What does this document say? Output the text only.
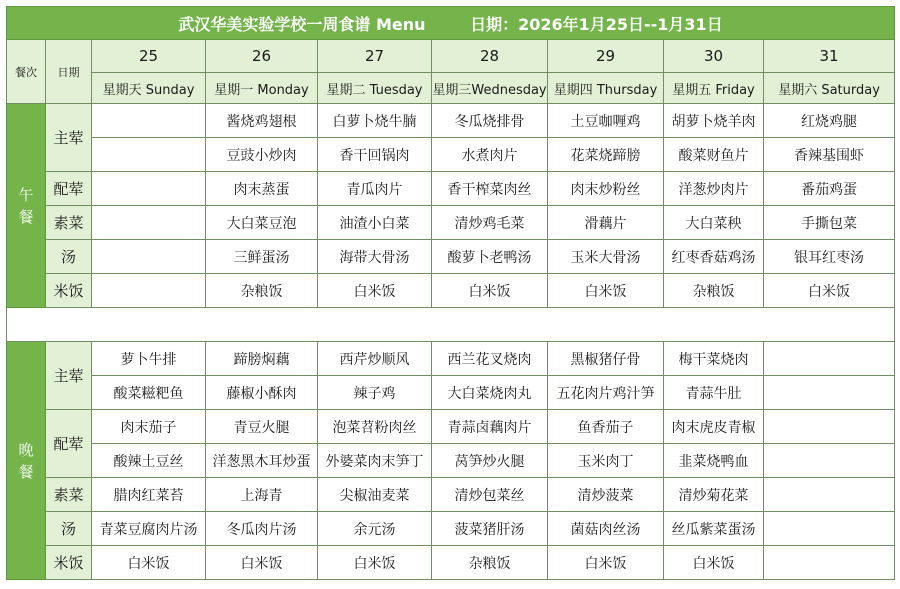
武汉华美实验学校一周食谱 Menu        日期：2026年1月25日--1月31日								
餐次	日期	25	26	27	28	29	30	31
		星期天 Sunday	星期一 Monday	星期二 Tuesday	星期三Wednesday	星期四 Thursday	星期五 Friday	星期六 Saturday
午
餐	主荤		酱烧鸡翅根	白萝卜烧牛腩	冬瓜烧排骨	土豆咖喱鸡	胡萝卜烧羊肉	红烧鸡腿
			豆豉小炒肉	香干回锅肉	水煮肉片	花菜烧蹄膀	酸菜财鱼片	香辣基围虾
	配荤		肉末蒸蛋	青瓜肉片	香干榨菜肉丝	肉末炒粉丝	洋葱炒肉片	番茄鸡蛋
	素菜		大白菜豆泡	油渣小白菜	清炒鸡毛菜	滑藕片	大白菜秧	手撕包菜
	汤		三鲜蛋汤	海带大骨汤	酸萝卜老鸭汤	玉米大骨汤	红枣香菇鸡汤	银耳红枣汤
	米饭		杂粮饭	白米饭	白米饭	白米饭	杂粮饭	白米饭

晚
餐	主荤	萝卜牛排	蹄膀焖藕	西芹炒顺风	西兰花叉烧肉	黑椒猪仔骨	梅干菜烧肉	
		酸菜糍粑鱼	藤椒小酥肉	辣子鸡	大白菜烧肉丸	五花肉片鸡汁笋	青蒜牛肚	
	配荤	肉末茄子	青豆火腿	泡菜苕粉肉丝	青蒜卤藕肉片	鱼香茄子	肉末虎皮青椒	
		酸辣土豆丝	洋葱黑木耳炒蛋	外婆菜肉末笋丁	莴笋炒火腿	玉米肉丁	韭菜烧鸭血	
	素菜	腊肉红菜苔	上海青	尖椒油麦菜	清炒包菜丝	清炒菠菜	清炒菊花菜	
	汤	青菜豆腐肉片汤	冬瓜肉片汤	余元汤	菠菜猪肝汤	菌菇肉丝汤	丝瓜紫菜蛋汤	
	米饭	白米饭	白米饭	白米饭	杂粮饭	白米饭	白米饭	
